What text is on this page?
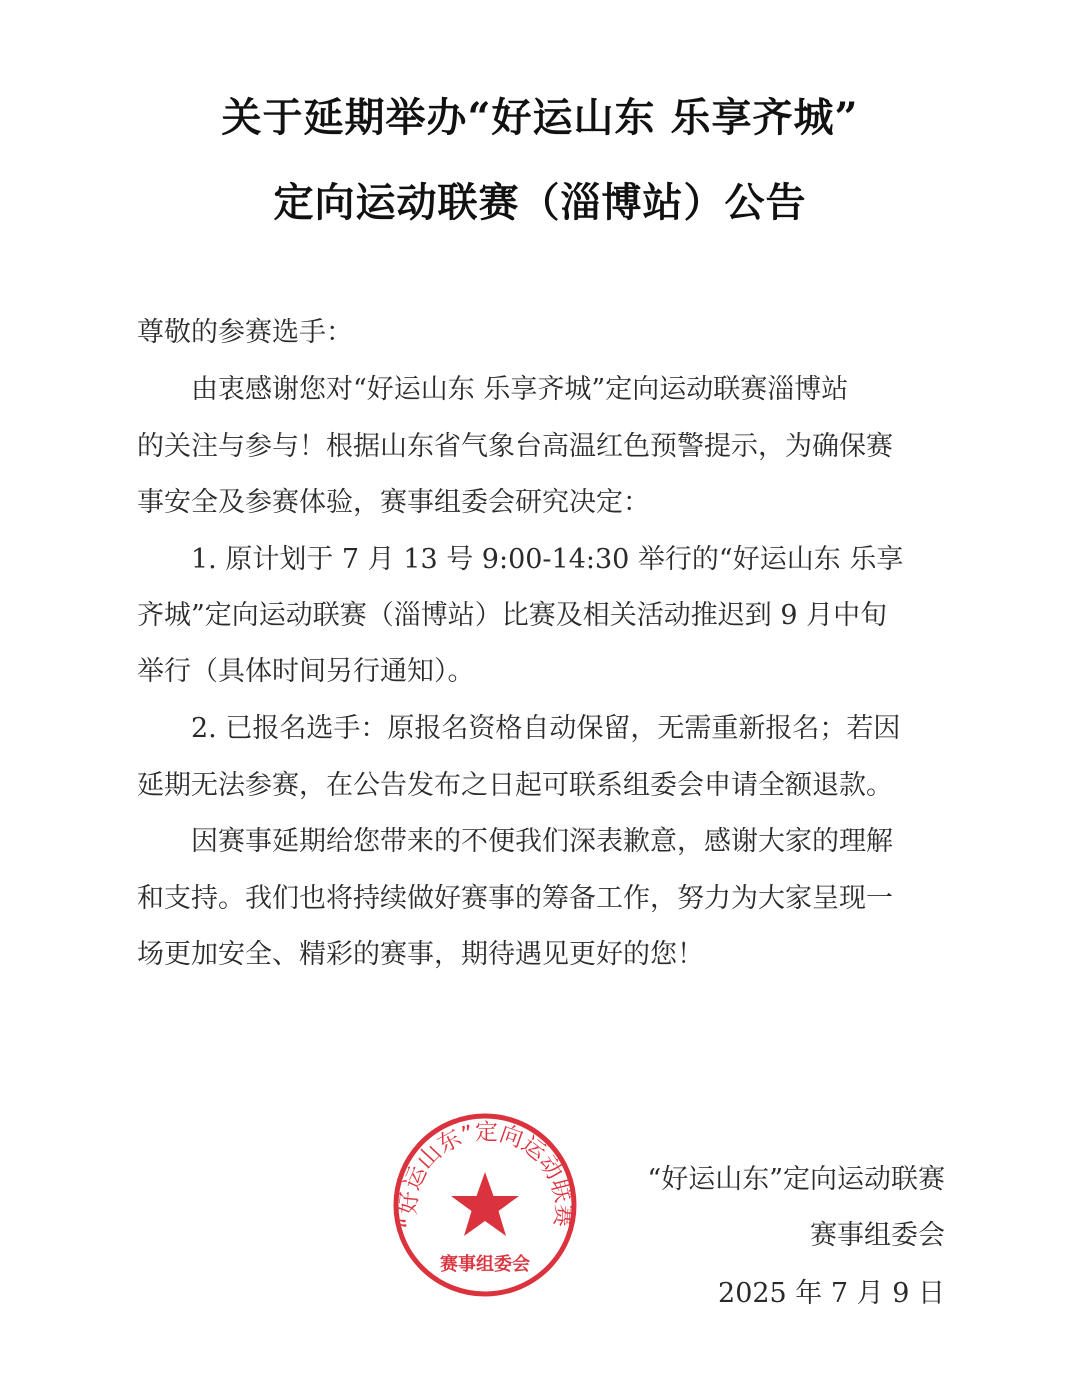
关于延期举办“好运山东 乐享齐城”
定向运动联赛（淄博站）公告
尊敬的参赛选手：
　　由衷感谢您对“好运山东 乐享齐城”定向运动联赛淄博站
的关注与参与！根据山东省气象台高温红色预警提示，为确保赛
事安全及参赛体验，赛事组委会研究决定：
　　1. 原计划于 7 月 13 号 9:00-14:30 举行的“好运山东 乐享
齐城”定向运动联赛（淄博站）比赛及相关活动推迟到 9 月中旬
举行（具体时间另行通知）。
　　2. 已报名选手：原报名资格自动保留，无需重新报名；若因
延期无法参赛，在公告发布之日起可联系组委会申请全额退款。
　　因赛事延期给您带来的不便我们深表歉意，感谢大家的理解
和支持。我们也将持续做好赛事的筹备工作，努力为大家呈现一
场更加安全、精彩的赛事，期待遇见更好的您！
“好运山东”定向运动联赛
赛事组委会
2025 年 7 月 9 日
“好运山东”定向运动联赛
赛事组委会
